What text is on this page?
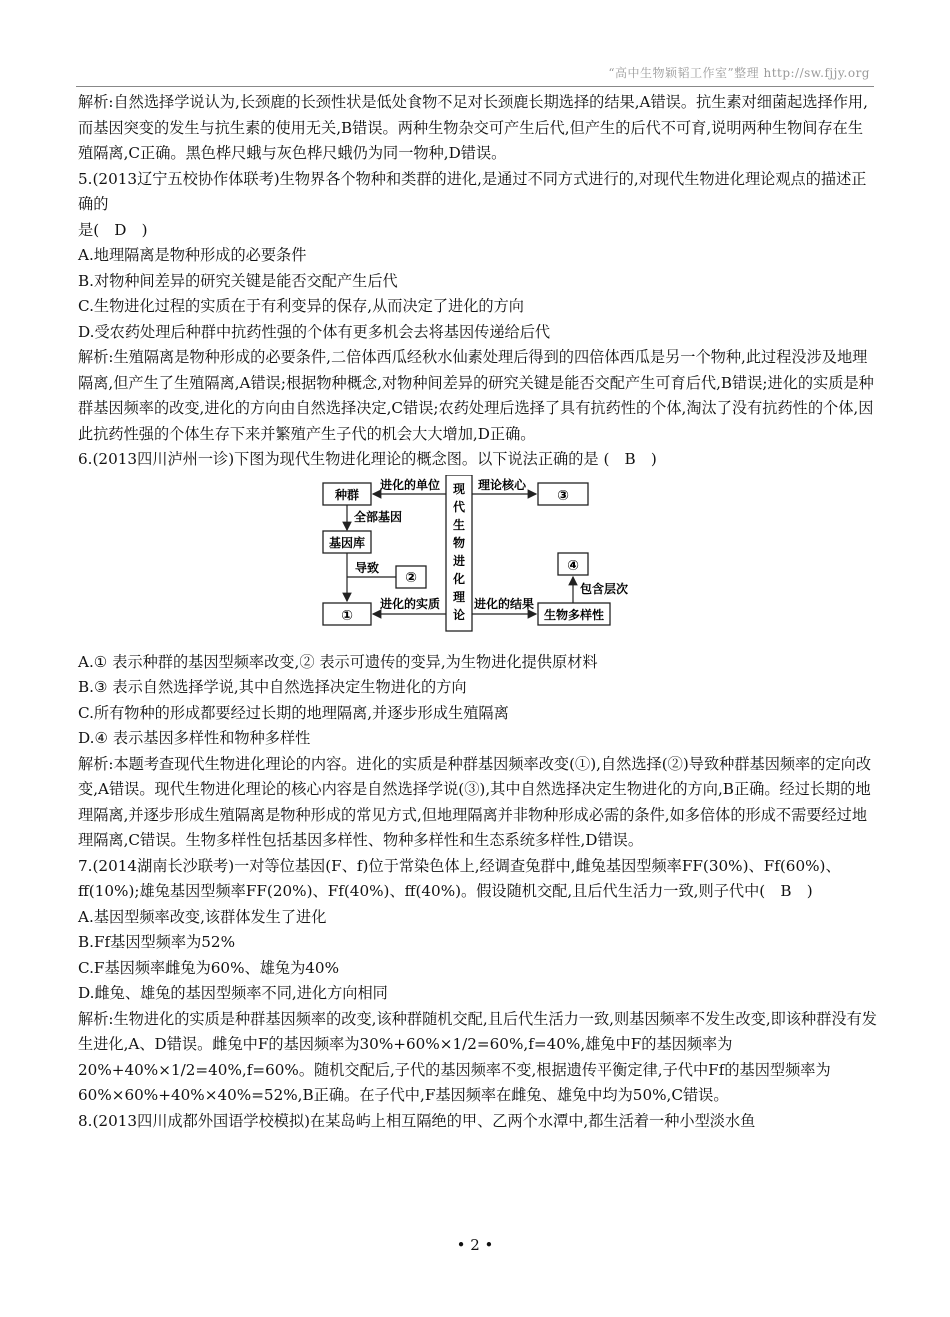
“高中生物颖韬工作室”整理 http://sw.fjjy.org

解析:自然选择学说认为,长颈鹿的长颈性状是低处食物不足对长颈鹿长期选择的结果,A错误。抗生素对细菌起选择作用,而基因突变的发生与抗生素的使用无关,B错误。两种生物杂交可产生后代,但产生的后代不可育,说明两种生物间存在生殖隔离,C正确。黑色桦尺蛾与灰色桦尺蛾仍为同一物种,D错误。

5.(2013辽宁五校协作体联考)生物界各个物种和类群的进化,是通过不同方式进行的,对现代生物进化理论观点的描述正确的

是(　D　)

A.地理隔离是物种形成的必要条件

B.对物种间差异的研究关键是能否交配产生后代

C.生物进化过程的实质在于有利变异的保存,从而决定了进化的方向

D.受农药处理后种群中抗药性强的个体有更多机会去将基因传递给后代

解析:生殖隔离是物种形成的必要条件,二倍体西瓜经秋水仙素处理后得到的四倍体西瓜是另一个物种,此过程没涉及地理隔离,但产生了生殖隔离,A错误;根据物种概念,对物种间差异的研究关键是能否交配产生可育后代,B错误;进化的实质是种群基因频率的改变,进化的方向由自然选择决定,C错误;农药处理后选择了具有抗药性的个体,淘汰了没有抗药性的个体,因此抗药性强的个体生存下来并繁殖产生子代的机会大大增加,D正确。

6.(2013四川泸州一诊)下图为现代生物进化理论的概念图。以下说法正确的是 (　B　)

现
代
生
物
进
化
理
论
种群
进化的单位
全部基因
基因库
导致
②
①
进化的实质
理论核心
③
进化的结果
生物多样性
④
包含层次

A.① 表示种群的基因型频率改变,② 表示可遗传的变异,为生物进化提供原材料

B.③ 表示自然选择学说,其中自然选择决定生物进化的方向

C.所有物种的形成都要经过长期的地理隔离,并逐步形成生殖隔离

D.④ 表示基因多样性和物种多样性

解析:本题考查现代生物进化理论的内容。进化的实质是种群基因频率改变(①),自然选择(②)导致种群基因频率的定向改变,A错误。现代生物进化理论的核心内容是自然选择学说(③),其中自然选择决定生物进化的方向,B正确。经过长期的地理隔离,并逐步形成生殖隔离是物种形成的常见方式,但地理隔离并非物种形成必需的条件,如多倍体的形成不需要经过地理隔离,C错误。生物多样性包括基因多样性、物种多样性和生态系统多样性,D错误。

7.(2014湖南长沙联考)一对等位基因(F、f)位于常染色体上,经调查兔群中,雌兔基因型频率FF(30%)、Ff(60%)、ff(10%);雄兔基因型频率FF(20%)、Ff(40%)、ff(40%)。假设随机交配,且后代生活力一致,则子代中(　B　)

A.基因型频率改变,该群体发生了进化

B.Ff基因型频率为52%

C.F基因频率雌兔为60%、雄兔为40%

D.雌兔、雄兔的基因型频率不同,进化方向相同

解析:生物进化的实质是种群基因频率的改变,该种群随机交配,且后代生活力一致,则基因频率不发生改变,即该种群没有发生进化,A、D错误。雌兔中F的基因频率为30%+60%×1/2=60%,f=40%,雄兔中F的基因频率为20%+40%×1/2=40%,f=60%。随机交配后,子代的基因频率不变,根据遗传平衡定律,子代中Ff的基因型频率为60%×60%+40%×40%=52%,B正确。在子代中,F基因频率在雌兔、雄兔中均为50%,C错误。

8.(2013四川成都外国语学校模拟)在某岛屿上相互隔绝的甲、乙两个水潭中,都生活着一种小型淡水鱼

• 2 •
